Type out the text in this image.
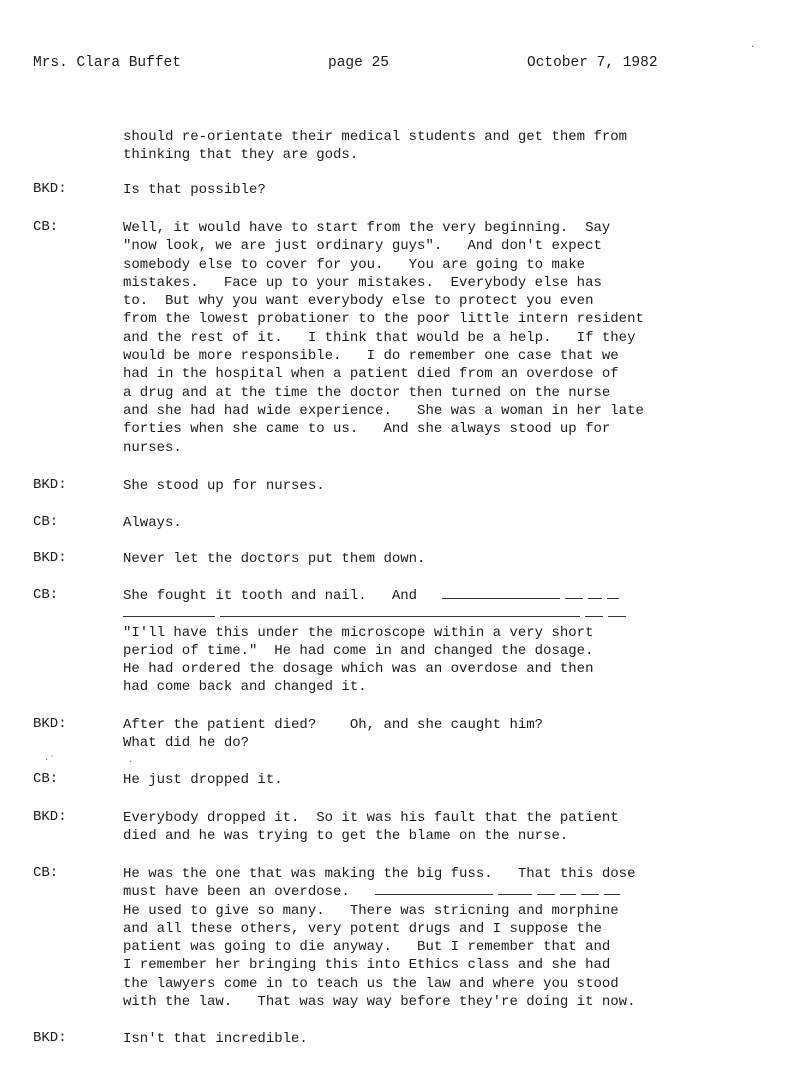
Mrs. Clara Buffet	page 25	October 7, 1982
should re-orientate their medical students and get them from
thinking that they are gods.
BKD:	Is that possible?
CB:	Well, it would have to start from the very beginning.  Say
"now look, we are just ordinary guys".   And don't expect
somebody else to cover for you.   You are going to make
mistakes.   Face up to your mistakes.  Everybody else has
to.  But why you want everybody else to protect you even
from the lowest probationer to the poor little intern resident
and the rest of it.   I think that would be a help.   If they
would be more responsible.   I do remember one case that we
had in the hospital when a patient died from an overdose of
a drug and at the time the doctor then turned on the nurse
and she had had wide experience.   She was a woman in her late
forties when she came to us.   And she always stood up for
nurses.
BKD:	She stood up for nurses.
CB:	Always.
BKD:	Never let the doctors put them down.
CB:	She fought it tooth and nail.   And
"I'll have this under the microscope within a very short
period of time."  He had come in and changed the dosage.
He had ordered the dosage which was an overdose and then
had come back and changed it.
BKD:	After the patient died?    Oh, and she caught him?
What did he do?
·´	·
CB:	He just dropped it.
BKD:	Everybody dropped it.  So it was his fault that the patient
died and he was trying to get the blame on the nurse.
CB:	He was the one that was making the big fuss.   That this dose
must have been an overdose.
He used to give so many.   There was stricning and morphine
and all these others, very potent drugs and I suppose the
patient was going to die anyway.   But I remember that and
I remember her bringing this into Ethics class and she had
the lawyers come in to teach us the law and where you stood
with the law.   That was way way before they're doing it now.
BKD:	Isn't that incredible.
·
